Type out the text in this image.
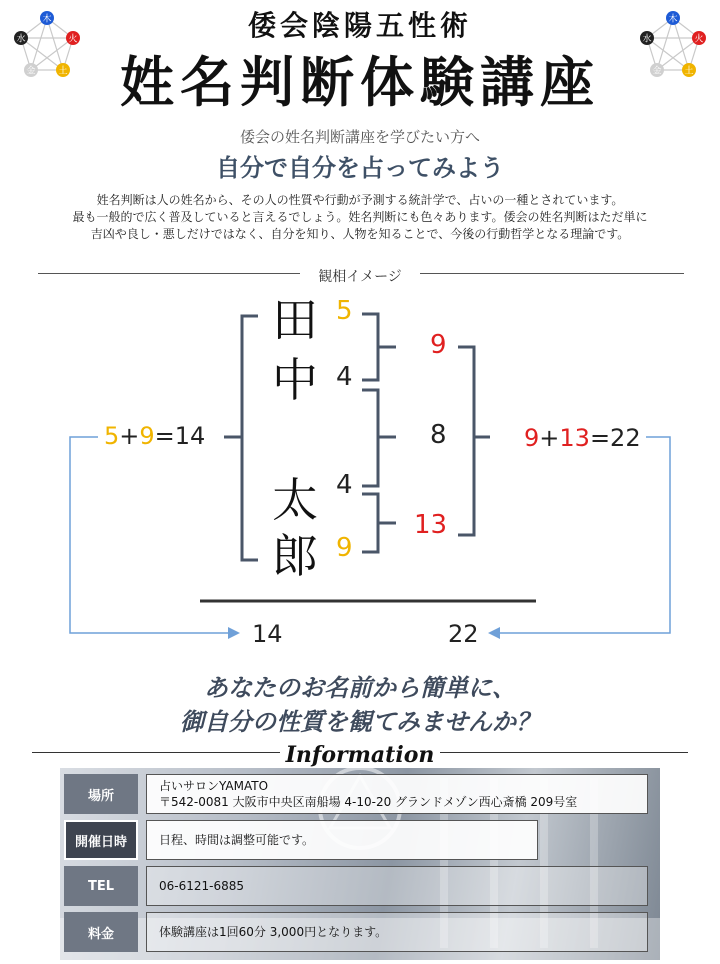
倭会陰陽五性術
姓名判断体験講座
木
火
土
金
水
木
火
土
金
水
倭会の姓名判断講座を学びたい方へ
自分で自分を占ってみよう

姓名判断は人の姓名から、その人の性質や行動が予測する統計学で、占いの一種とされています。

最も一般的で広く普及していると言えるでしょう。姓名判断にも色々あります。倭会の姓名判断はただ単に

吉凶や良し・悪しだけではなく、自分を知り、人物を知ることで、今後の行動哲学となる理論です。

観相イメージ
田 5
中 4
太 4
郎 9
9
8
13
5+9=14	9+13=22
14	22
あなたのお名前から簡単に、
御自分の性質を観てみませんか？
Information
場所
占いサロンYAMATO
〒542-0081 大阪市中央区南船場 4-10-20 グランドメゾン西心斎橋 209号室
開催日時	日程、時間は調整可能です。
TEL	06-6121-6885
料金	体験講座は1回60分 3,000円となります。
